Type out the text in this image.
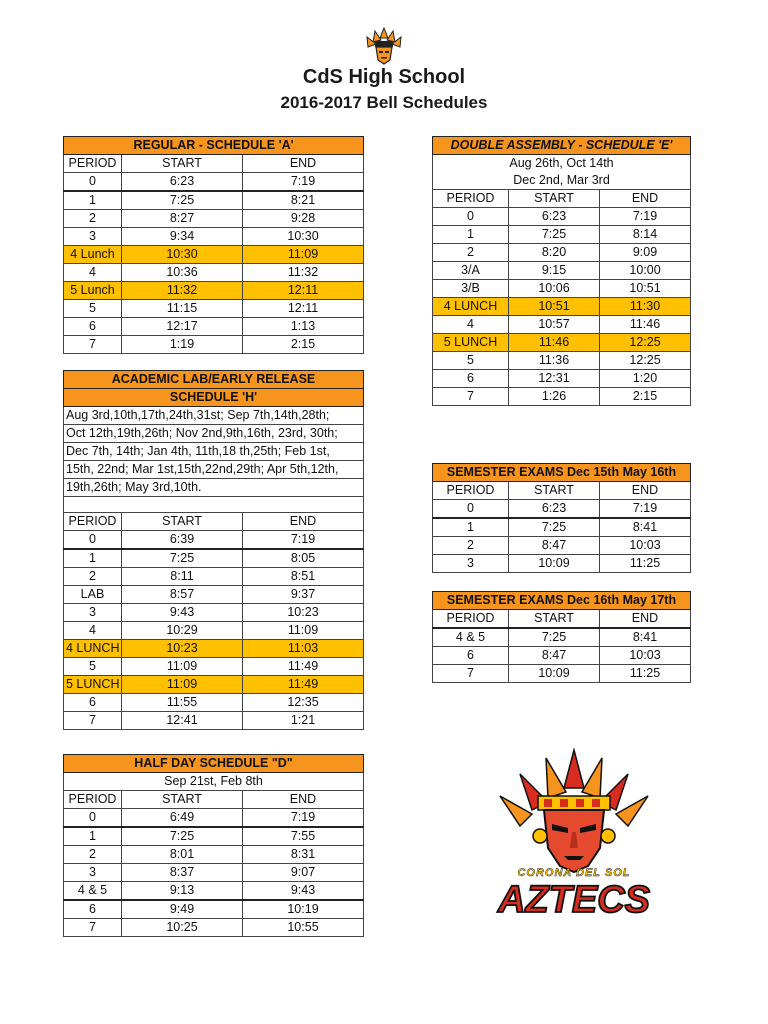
CdS High School
2016-2017 Bell Schedules
REGULAR - SCHEDULE 'A'		
PERIOD	START	END
0	6:23	7:19
1	7:25	8:21
2	8:27	9:28
3	9:34	10:30
4 Lunch	10:30	11:09
4	10:36	11:32
5 Lunch	11:32	12:11
5	11:15	12:11
6	12:17	1:13
7	1:19	2:15
DOUBLE ASSEMBLY - SCHEDULE 'E'		
Aug 26th, Oct 14th		
Dec 2nd, Mar 3rd		
PERIOD	START	END
0	6:23	7:19
1	7:25	8:14
2	8:20	9:09
3/A	9:15	10:00
3/B	10:06	10:51
4 LUNCH	10:51	11:30
4	10:57	11:46
5 LUNCH	11:46	12:25
5	11:36	12:25
6	12:31	1:20
7	1:26	2:15
ACADEMIC LAB/EARLY RELEASE		
SCHEDULE 'H'		
Aug 3rd,10th,17th,24th,31st; Sep 7th,14th,28th;		
Oct 12th,19th,26th; Nov 2nd,9th,16th, 23rd, 30th;		
Dec 7th, 14th; Jan 4th, 11th,18 th,25th; Feb 1st,		
15th, 22nd; Mar 1st,15th,22nd,29th; Apr 5th,12th,		
19th,26th; May 3rd,10th.		

PERIOD	START	END
0	6:39	7:19
1	7:25	8:05
2	8:11	8:51
LAB	8:57	9:37
3	9:43	10:23
4	10:29	11:09
4 LUNCH	10:23	11:03
5	11:09	11:49
5 LUNCH	11:09	11:49
6	11:55	12:35
7	12:41	1:21
SEMESTER EXAMS Dec 15th May 16th		
PERIOD	START	END
0	6:23	7:19
1	7:25	8:41
2	8:47	10:03
3	10:09	11:25
SEMESTER EXAMS Dec 16th May 17th		
PERIOD	START	END
4 & 5	7:25	8:41
6	8:47	10:03
7	10:09	11:25
HALF DAY SCHEDULE "D"		
Sep 21st, Feb 8th		
PERIOD	START	END
0	6:49	7:19
1	7:25	7:55
2	8:01	8:31
3	8:37	9:07
4 & 5	9:13	9:43
6	9:49	10:19
7	10:25	10:55
CORONA DEL SOL
AZTECS
